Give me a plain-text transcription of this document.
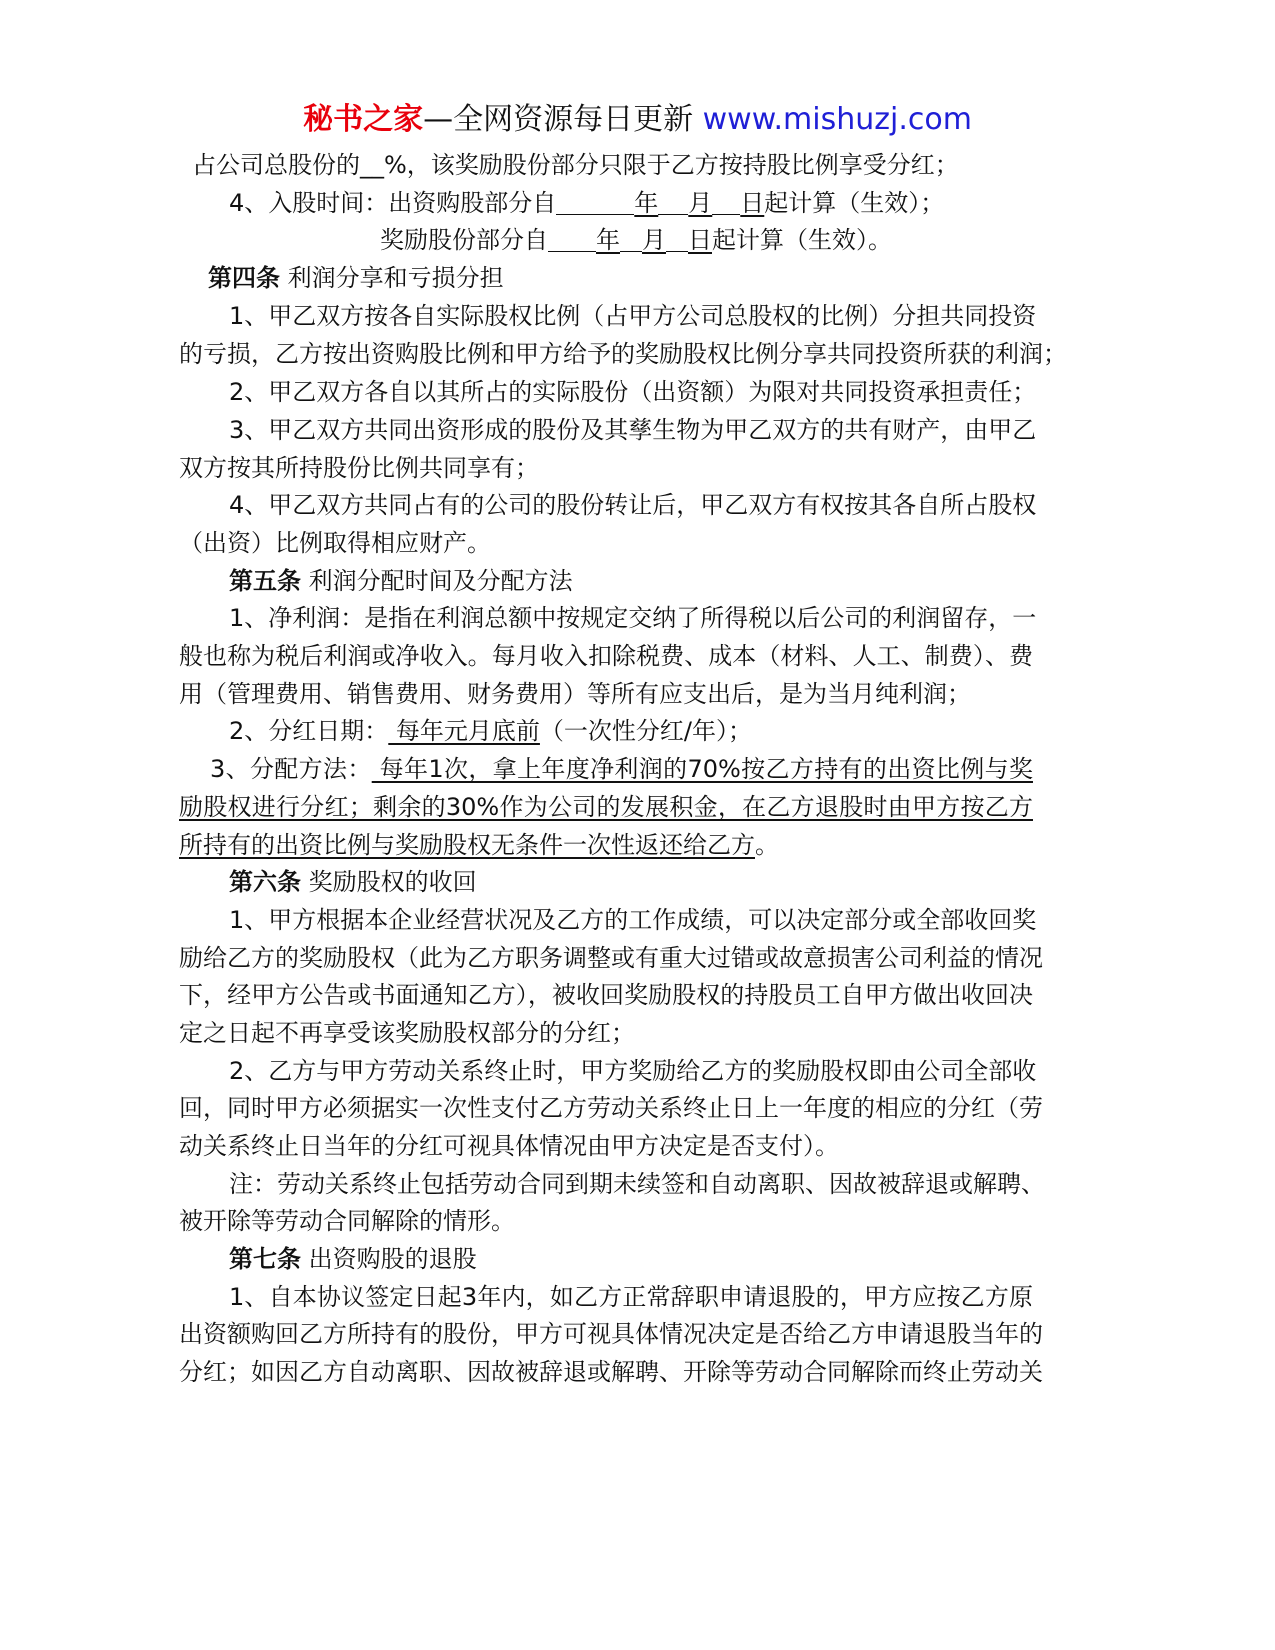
秘书之家—全网资源每日更新 www.mishuzj.com
占公司总股份的__%，该奖励股份部分只限于乙方按持股比例享受分红；
4、入股时间：出资购股部分自	年 月 日起计算（生效）；
奖励股份部分自 年 月 日起计算（生效）。
第四条 利润分享和亏损分担
1、甲乙双方按各自实际股权比例（占甲方公司总股权的比例）分担共同投资
的亏损，乙方按出资购股比例和甲方给予的奖励股权比例分享共同投资所获的利润；
2、甲乙双方各自以其所占的实际股份（出资额）为限对共同投资承担责任；
3、甲乙双方共同出资形成的股份及其孳生物为甲乙双方的共有财产，由甲乙
双方按其所持股份比例共同享有；
4、甲乙双方共同占有的公司的股份转让后，甲乙双方有权按其各自所占股权
（出资）比例取得相应财产。
第五条 利润分配时间及分配方法
1、净利润：是指在利润总额中按规定交纳了所得税以后公司的利润留存，一
般也称为税后利润或净收入。每月收入扣除税费、成本（材料、人工、制费）、费
用（管理费用、销售费用、财务费用）等所有应支出后，是为当月纯利润；
2、分红日期： 每年元月底前（一次性分红/年）；
3、分配方法： 每年1次，拿上年度净利润的70%按乙方持有的出资比例与奖
励股权进行分红；剩余的30%作为公司的发展积金，在乙方退股时由甲方按乙方
所持有的出资比例与奖励股权无条件一次性返还给乙方。
第六条 奖励股权的收回
1、甲方根据本企业经营状况及乙方的工作成绩，可以决定部分或全部收回奖
励给乙方的奖励股权（此为乙方职务调整或有重大过错或故意损害公司利益的情况
下，经甲方公告或书面通知乙方），被收回奖励股权的持股员工自甲方做出收回决
定之日起不再享受该奖励股权部分的分红；
2、乙方与甲方劳动关系终止时，甲方奖励给乙方的奖励股权即由公司全部收
回，同时甲方必须据实一次性支付乙方劳动关系终止日上一年度的相应的分红（劳
动关系终止日当年的分红可视具体情况由甲方决定是否支付）。
注：劳动关系终止包括劳动合同到期未续签和自动离职、因故被辞退或解聘、
被开除等劳动合同解除的情形。
第七条 出资购股的退股
1、自本协议签定日起3年内，如乙方正常辞职申请退股的，甲方应按乙方原
出资额购回乙方所持有的股份，甲方可视具体情况决定是否给乙方申请退股当年的
分红；如因乙方自动离职、因故被辞退或解聘、开除等劳动合同解除而终止劳动关
